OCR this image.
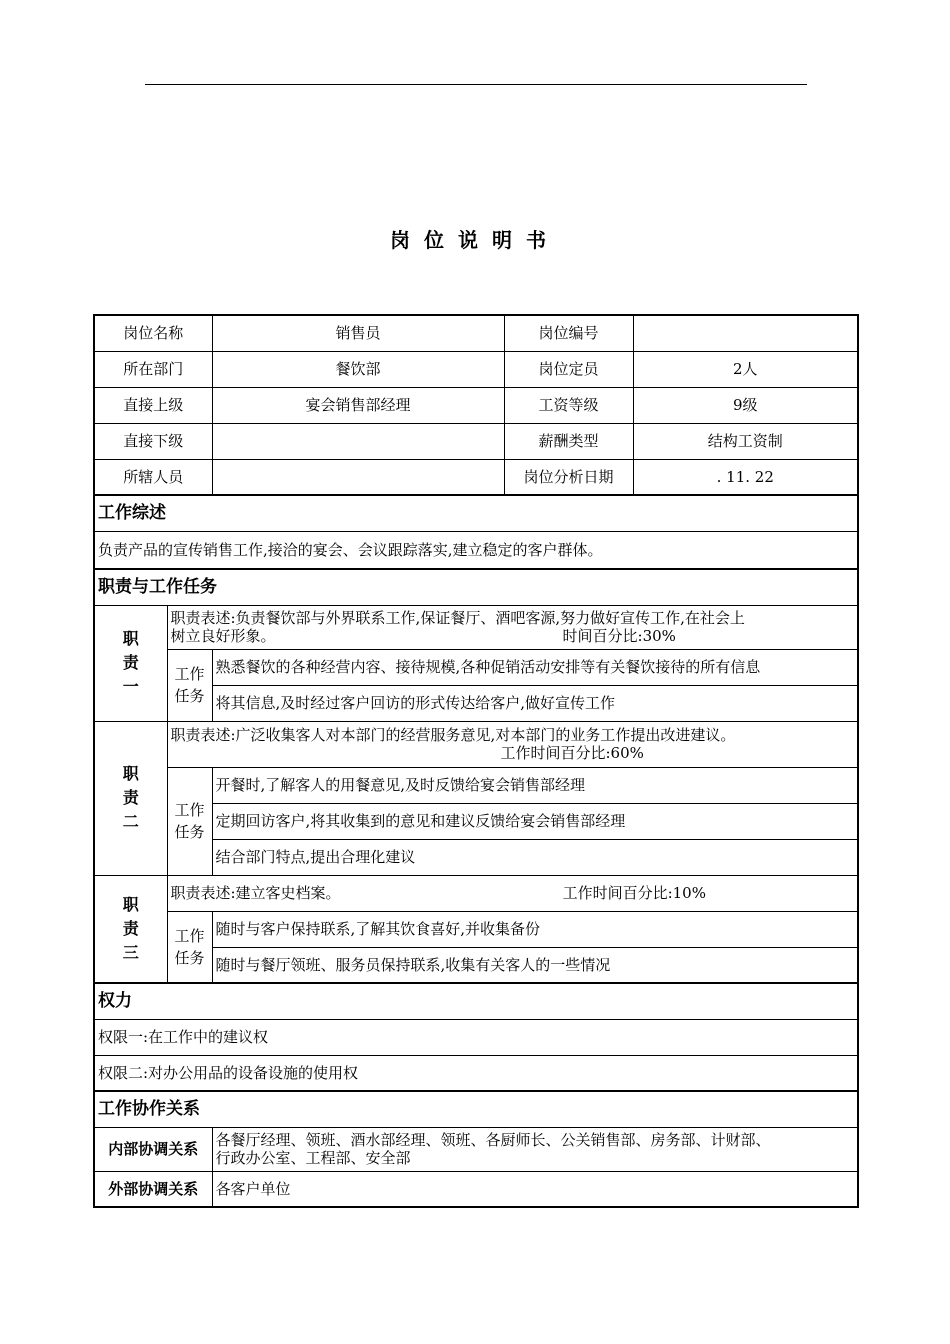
岗位说明书
岗位名称		销售员	岗位编号	
所在部门		餐饮部	岗位定员	2人
直接上级		宴会销售部经理	工资等级	9级
直接下级			薪酬类型	结构工资制
所辖人员			岗位分析日期	. 11. 22
工作综述				
负责产品的宣传销售工作,接洽的宴会、会议跟踪落实,建立稳定的客户群体。				
职责与工作任务				

职责一	职责表述:负责餐饮部与外界联系工作,保证餐厅、酒吧客源,努力做好宣传工作,在社会上
树立良好形象。 时间百分比:30%			

	工作任务	熟悉餐饮的各种经营内容、接待规模,各种促销活动安排等有关餐饮接待的所有信息		
		将其信息,及时经过客户回访的形式传达给客户,做好宣传工作		

职责二	职责表述:广泛收集客人对本部门的经营服务意见,对本部门的业务工作提出改进建议。
工作时间百分比:60%			

	工作任务	开餐时,了解客人的用餐意见,及时反馈给宴会销售部经理		
		定期回访客户,将其收集到的意见和建议反馈给宴会销售部经理		
		结合部门特点,提出合理化建议		

职责三	职责表述:建立客史档案。 工作时间百分比:10%			

	工作任务	随时与客户保持联系,了解其饮食喜好,并收集备份		
		随时与餐厅领班、服务员保持联系,收集有关客人的一些情况		
权力				
权限一:在工作中的建议权				
权限二:对办公用品的设备设施的使用权				
工作协作关系				
内部协调关系		各餐厅经理、领班、酒水部经理、领班、各厨师长、公关销售部、房务部、计财部、
行政办公室、工程部、安全部		

外部协调关系		各客户单位		
